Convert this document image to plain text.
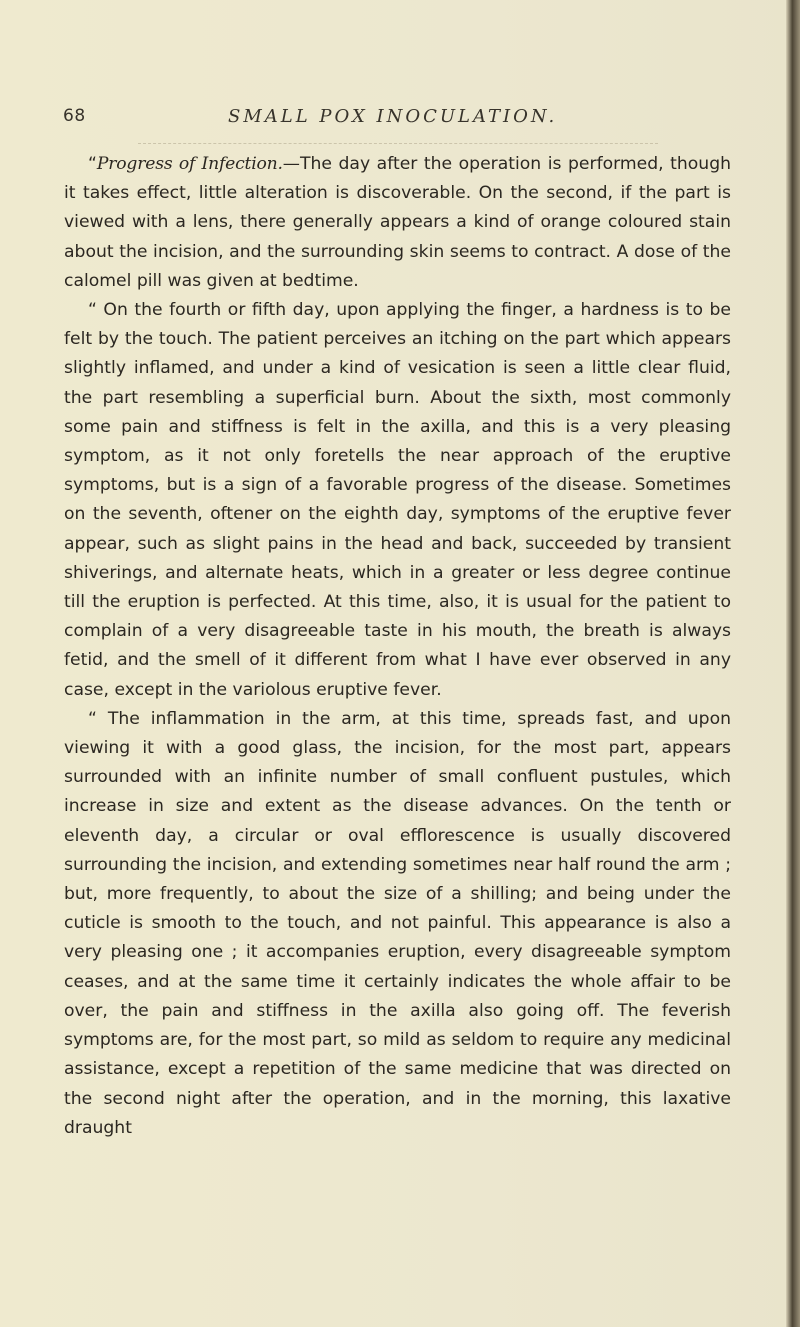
68	SMALL POX INOCULATION.

“Progress of Infection.—The day after the operation is performed, though it takes effect, little alteration is discoverable. On the second, if the part is viewed with a lens, there generally appears a kind of orange coloured stain about the incision, and the surrounding skin seems to contract. A dose of the calomel pill was given at bedtime.

“ On the fourth or fifth day, upon applying the finger, a hardness is to be felt by the touch. The patient perceives an itching on the part which appears slightly inflamed, and under a kind of vesication is seen a little clear fluid, the part resembling a superficial burn. About the sixth, most commonly some pain and stiffness is felt in the axilla, and this is a very pleasing symptom, as it not only foretells the near approach of the eruptive symptoms, but is a sign of a favorable progress of the disease. Sometimes on the seventh, oftener on the eighth day, symptoms of the eruptive fever appear, such as slight pains in the head and back, succeeded by transient shiverings, and alternate heats, which in a greater or less degree continue till the eruption is perfected. At this time, also, it is usual for the patient to complain of a very disagreeable taste in his mouth, the breath is always fetid, and the smell of it different from what I have ever observed in any case, except in the variolous eruptive fever.

“ The inflammation in the arm, at this time, spreads fast, and upon viewing it with a good glass, the incision, for the most part, appears surrounded with an infinite number of small confluent pustules, which increase in size and extent as the disease advances. On the tenth or eleventh day, a circular or oval efflorescence is usually discovered surrounding the incision, and extending sometimes near half round the arm ; but, more frequently, to about the size of a shilling; and being under the cuticle is smooth to the touch, and not painful. This appearance is also a very pleasing one ; it accompanies eruption, every disagreeable symptom ceases, and at the same time it certainly indicates the whole affair to be over, the pain and stiffness in the axilla also going off. The feverish symptoms are, for the most part, so mild as seldom to require any medicinal assistance, except a repetition of the same medicine that was directed on the second night after the operation, and in the morning, this laxative draught
